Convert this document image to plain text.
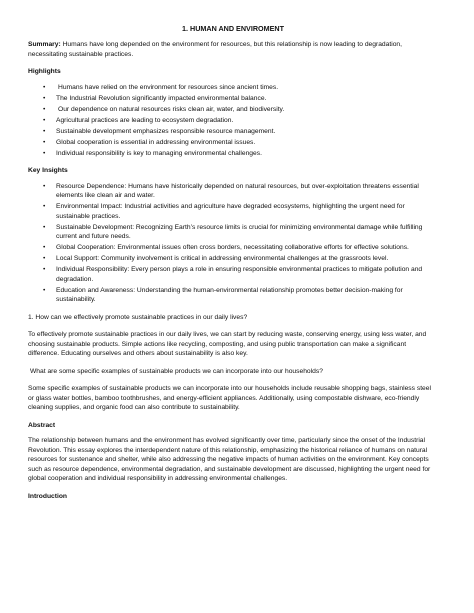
1. HUMAN AND ENVIROMENT

Summary: Humans have long depended on the environment for resources, but this relationship is now leading to degradation, necessitating sustainable practices.

Highlights
• Humans have relied on the environment for resources since ancient times.
• The Industrial Revolution significantly impacted environmental balance.
• Our dependence on natural resources risks clean air, water, and biodiversity.
• Agricultural practices are leading to ecosystem degradation.
• Sustainable development emphasizes responsible resource management.
• Global cooperation is essential in addressing environmental issues.
• Individual responsibility is key to managing environmental challenges.
Key Insights
• Resource Dependence: Humans have historically depended on natural resources, but over-exploitation threatens essential elements like clean air and water.
• Environmental Impact: Industrial activities and agriculture have degraded ecosystems, highlighting the urgent need for sustainable practices.
• Sustainable Development: Recognizing Earth’s resource limits is crucial for minimizing environmental damage while fulfilling current and future needs.
• Global Cooperation: Environmental issues often cross borders, necessitating collaborative efforts for effective solutions.
• Local Support: Community involvement is critical in addressing environmental challenges at the grassroots level.
• Individual Responsibility: Every person plays a role in ensuring responsible environmental practices to mitigate pollution and degradation.
• Education and Awareness: Understanding the human-environmental relationship promotes better decision-making for sustainability.

1. How can we effectively promote sustainable practices in our daily lives?

To effectively promote sustainable practices in our daily lives, we can start by reducing waste, conserving energy, using less water, and choosing sustainable products. Simple actions like recycling, composting, and using public transportation can make a significant difference. Educating ourselves and others about sustainability is also key.

What are some specific examples of sustainable products we can incorporate into our households?

Some specific examples of sustainable products we can incorporate into our households include reusable shopping bags, stainless steel or glass water bottles, bamboo toothbrushes, and energy-efficient appliances. Additionally, using compostable dishware, eco-friendly cleaning supplies, and organic food can also contribute to sustainability.

Abstract

The relationship between humans and the environment has evolved significantly over time, particularly since the onset of the Industrial Revolution. This essay explores the interdependent nature of this relationship, emphasizing the historical reliance of humans on natural resources for sustenance and shelter, while also addressing the negative impacts of human activities on the environment. Key concepts such as resource dependence, environmental degradation, and sustainable development are discussed, highlighting the urgent need for global cooperation and individual responsibility in addressing environmental challenges.

Introduction
